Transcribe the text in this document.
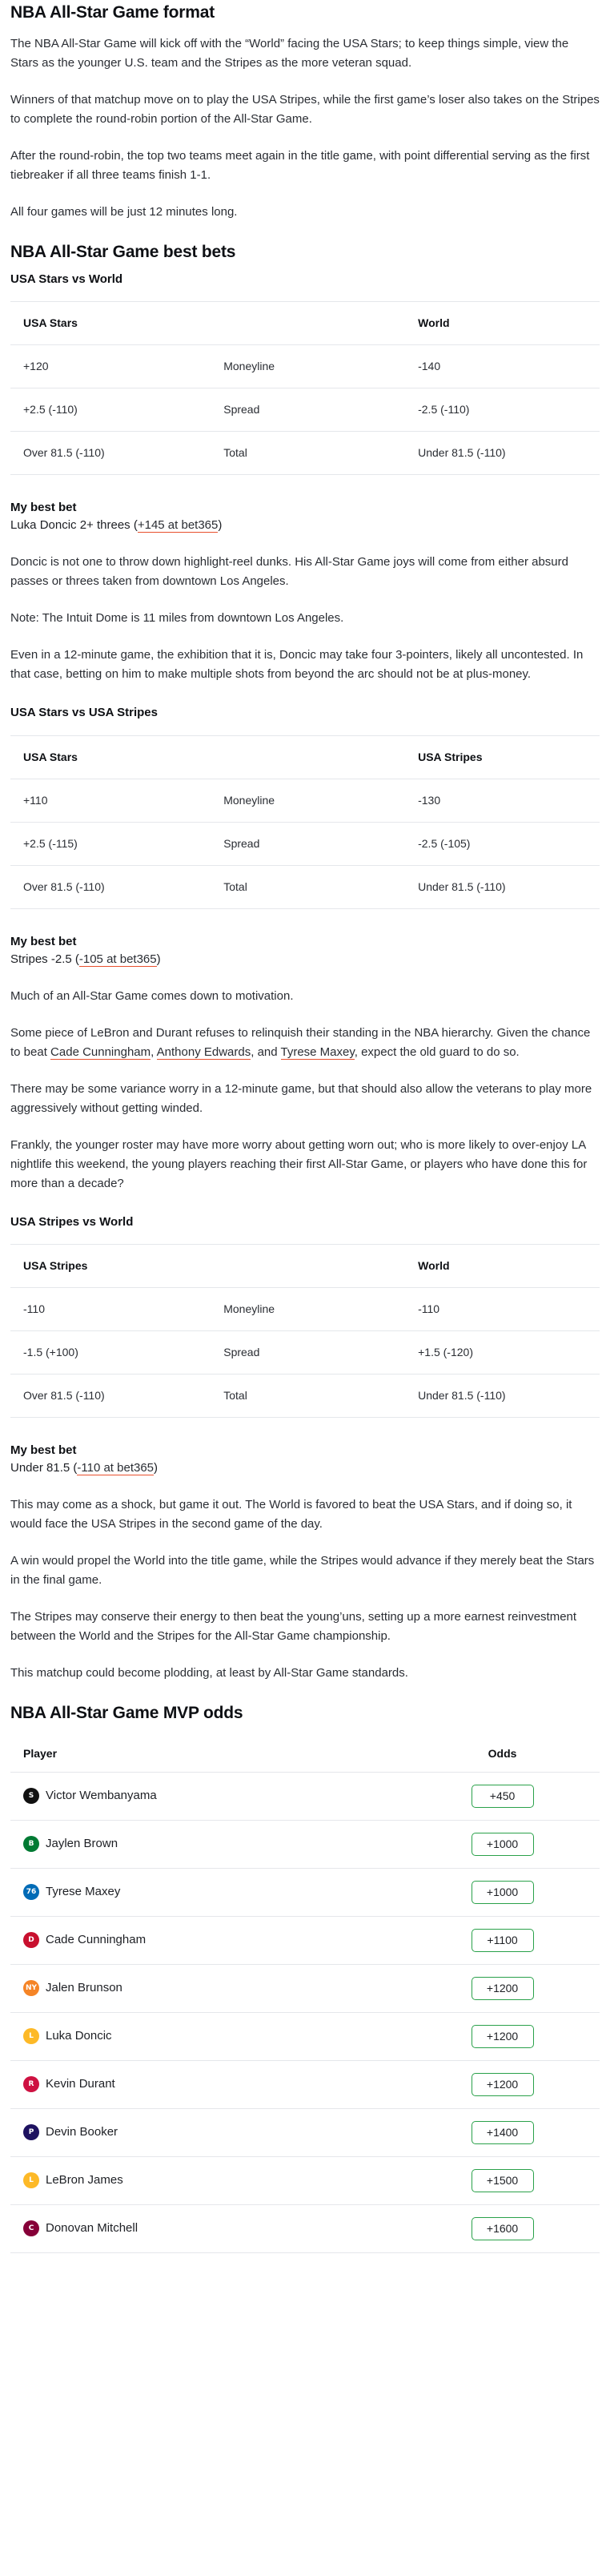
NBA All-Star Game format

The NBA All-Star Game will kick off with the “World” facing the USA Stars; to keep things simple, view the Stars as the younger U.S. team and the Stripes as the more veteran squad.

Winners of that matchup move on to play the USA Stripes, while the first game’s loser also takes on the Stripes to complete the round-robin portion of the All-Star Game.

After the round-robin, the top two teams meet again in the title game, with point differential serving as the first tiebreaker if all three teams finish 1-1.

All four games will be just 12 minutes long.

NBA All-Star Game best bets
USA Stars vs World
USA Stars		World
+120	Moneyline	-140
+2.5 (-110)	Spread	-2.5 (-110)
Over 81.5 (-110)	Total	Under 81.5 (-110)
My best bet
Luka Doncic 2+ threes (+145 at bet365)

Doncic is not one to throw down highlight-reel dunks. His All-Star Game joys will come from either absurd passes or threes taken from downtown Los Angeles.

Note: The Intuit Dome is 11 miles from downtown Los Angeles.

Even in a 12-minute game, the exhibition that it is, Doncic may take four 3-pointers, likely all uncontested. In that case, betting on him to make multiple shots from beyond the arc should not be at plus-money.

USA Stars vs USA Stripes
USA Stars		USA Stripes
+110	Moneyline	-130
+2.5 (-115)	Spread	-2.5 (-105)
Over 81.5 (-110)	Total	Under 81.5 (-110)
My best bet
Stripes -2.5 (-105 at bet365)

Much of an All-Star Game comes down to motivation.

Some piece of LeBron and Durant refuses to relinquish their standing in the NBA hierarchy. Given the chance to beat Cade Cunningham, Anthony Edwards, and Tyrese Maxey, expect the old guard to do so.

There may be some variance worry in a 12-minute game, but that should also allow the veterans to play more aggressively without getting winded.

Frankly, the younger roster may have more worry about getting worn out; who is more likely to over-enjoy LA nightlife this weekend, the young players reaching their first All-Star Game, or players who have done this for more than a decade?

USA Stripes vs World
USA Stripes		World
-110	Moneyline	-110
-1.5 (+100)	Spread	+1.5 (-120)
Over 81.5 (-110)	Total	Under 81.5 (-110)
My best bet
Under 81.5 (-110 at bet365)

This may come as a shock, but game it out. The World is favored to beat the USA Stars, and if doing so, it would face the USA Stripes in the second game of the day.

A win would propel the World into the title game, while the Stripes would advance if they merely beat the Stars in the final game.

The Stripes may conserve their energy to then beat the young’uns, setting up a more earnest reinvestment between the World and the Stripes for the All-Star Game championship.

This matchup could become plodding, at least by All-Star Game standards.

NBA All-Star Game MVP odds
Player		Odds

S Victor Wembanyama		+450

B Jaylen Brown		+1000

76 Tyrese Maxey		+1000

D Cade Cunningham		+1100

NY Jalen Brunson		+1200

L Luka Doncic		+1200

R Kevin Durant		+1200

P Devin Booker		+1400

L LeBron James		+1500

C Donovan Mitchell		+1600
